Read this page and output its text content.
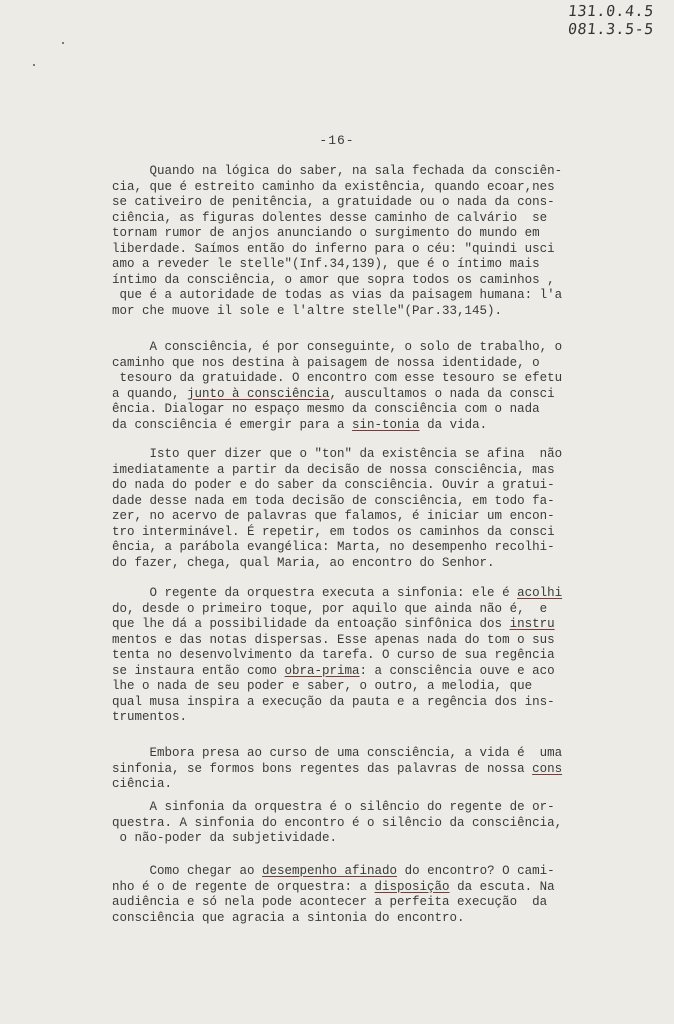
131.0.4.5
081.3.5-5
-16-
Quando na lógica do saber, na sala fechada da consciên-
cia, que é estreito caminho da existência, quando ecoar,nes
se cativeiro de penitência, a gratuidade ou o nada da cons-
ciência, as figuras dolentes desse caminho de calvário  se
tornam rumor de anjos anunciando o surgimento do mundo em
liberdade. Saímos então do inferno para o céu: "quindi usci
amo a reveder le stelle"(Inf.34,139), que é o íntimo mais
íntimo da consciência, o amor que sopra todos os caminhos ,
que é a autoridade de todas as vias da paisagem humana: l'a
mor che muove il sole e l'altre stelle"(Par.33,145).
A consciência, é por conseguinte, o solo de trabalho, o
caminho que nos destina à paisagem de nossa identidade, o
tesouro da gratuidade. O encontro com esse tesouro se efetu
a quando, junto à consciência, auscultamos o nada da consci
ência. Dialogar no espaço mesmo da consciência com o nada
da consciência é emergir para a sin-tonia da vida.
Isto quer dizer que o "ton" da existência se afina  não
imediatamente a partir da decisão de nossa consciência, mas
do nada do poder e do saber da consciência. Ouvir a gratui-
dade desse nada em toda decisão de consciência, em todo fa-
zer, no acervo de palavras que falamos, é iniciar um encon-
tro interminável. É repetir, em todos os caminhos da consci
ência, a parábola evangélica: Marta, no desempenho recolhi-
do fazer, chega, qual Maria, ao encontro do Senhor.
O regente da orquestra executa a sinfonia: ele é acolhi
do, desde o primeiro toque, por aquilo que ainda não é,  e
que lhe dá a possibilidade da entoação sinfônica dos instru
mentos e das notas dispersas. Esse apenas nada do tom o sus
tenta no desenvolvimento da tarefa. O curso de sua regência
se instaura então como obra-prima: a consciência ouve e aco
lhe o nada de seu poder e saber, o outro, a melodia, que
qual musa inspira a execução da pauta e a regência dos ins-
trumentos.
Embora presa ao curso de uma consciência, a vida é  uma
sinfonia, se formos bons regentes das palavras de nossa cons
ciência.
A sinfonia da orquestra é o silêncio do regente de or-
questra. A sinfonia do encontro é o silêncio da consciência,
o não-poder da subjetividade.
Como chegar ao desempenho afinado do encontro? O cami-
nho é o de regente de orquestra: a disposição da escuta. Na
audiência e só nela pode acontecer a perfeita execução  da
consciência que agracia a sintonia do encontro.
